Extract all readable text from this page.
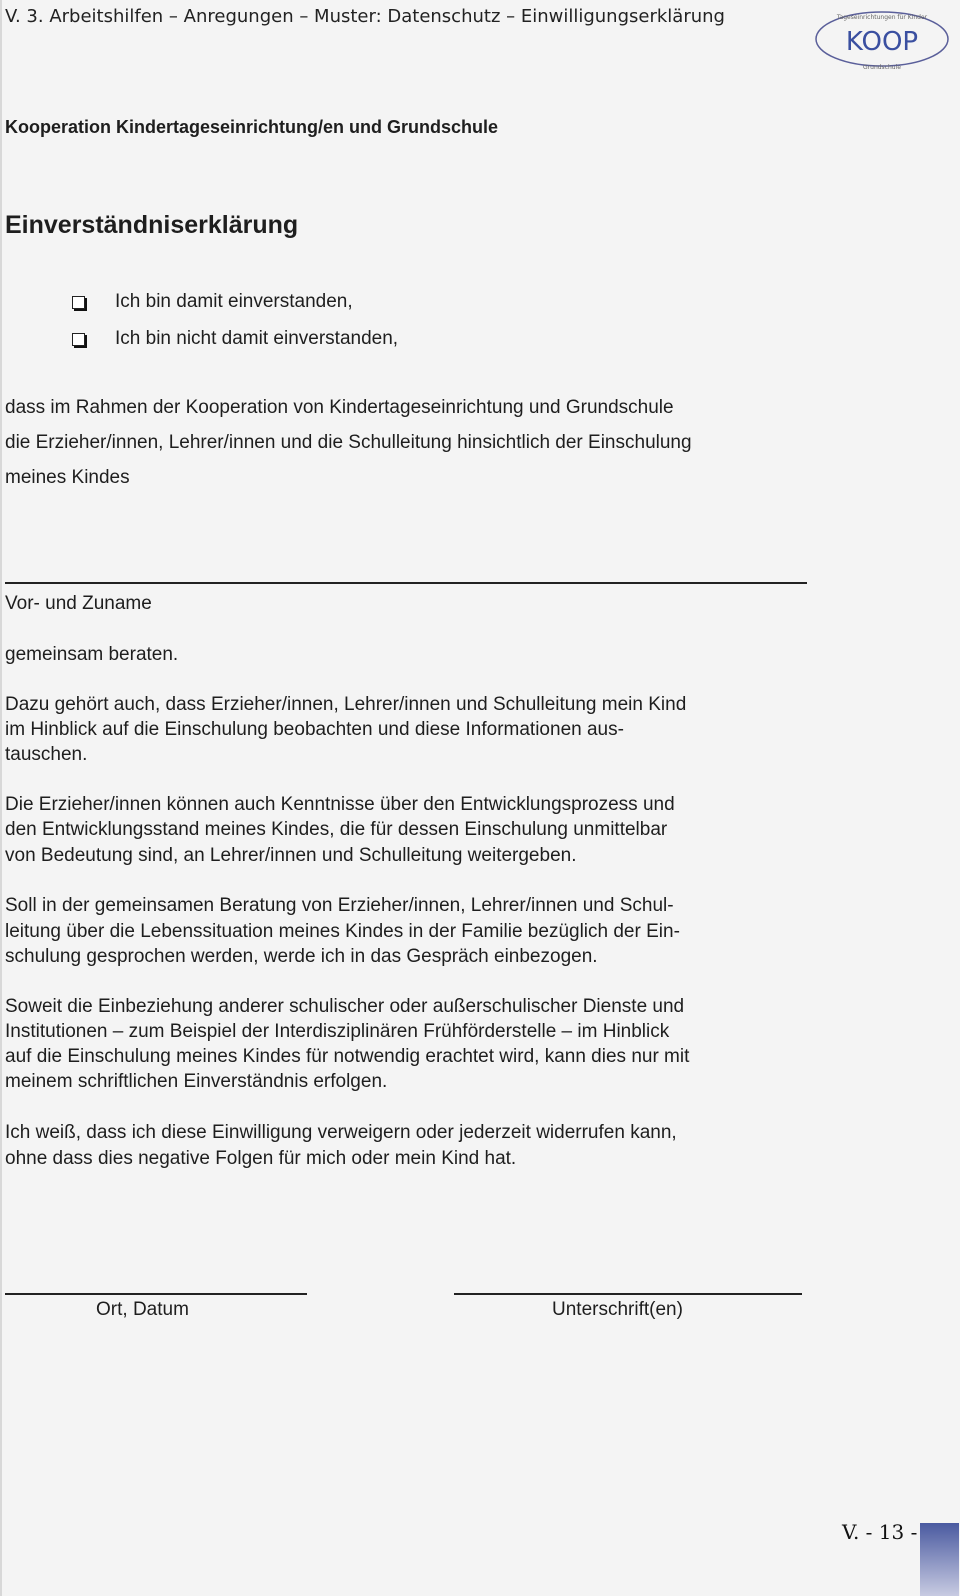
V. 3. Arbeitshilfen – Anregungen – Muster: Datenschutz – Einwilligungserklärung
KOOP
Tageseinrichtungen für Kinder
Grundschule
Kooperation Kindertageseinrichtung/en und Grundschule
Einverständniserklärung
Ich bin damit einverstanden,
Ich bin nicht damit einverstanden,
dass im Rahmen der Kooperation von Kindertageseinrichtung und Grundschule
die Erzieher/innen, Lehrer/innen und die Schulleitung hinsichtlich der Einschulung
meines Kindes
Vor- und Zuname
gemeinsam beraten.
Dazu gehört auch, dass Erzieher/innen, Lehrer/innen und Schulleitung mein Kind
im Hinblick auf die Einschulung beobachten und diese Informationen aus-
tauschen.
Die Erzieher/innen können auch Kenntnisse über den Entwicklungsprozess und
den Entwicklungsstand meines Kindes, die für dessen Einschulung unmittelbar
von Bedeutung sind, an Lehrer/innen und Schulleitung weitergeben.
Soll in der gemeinsamen Beratung von Erzieher/innen, Lehrer/innen und Schul-
leitung über die Lebenssituation meines Kindes in der Familie bezüglich der Ein-
schulung gesprochen werden, werde ich in das Gespräch einbezogen.
Soweit die Einbeziehung anderer schulischer oder außerschulischer Dienste und
Institutionen – zum Beispiel der Interdisziplinären Frühförderstelle – im Hinblick
auf die Einschulung meines Kindes für notwendig erachtet wird, kann dies nur mit
meinem schriftlichen Einverständnis erfolgen.
Ich weiß, dass ich diese Einwilligung verweigern oder jederzeit widerrufen kann,
ohne dass dies negative Folgen für mich oder mein Kind hat.
Ort, Datum	Unterschrift(en)
V. - 13 -
